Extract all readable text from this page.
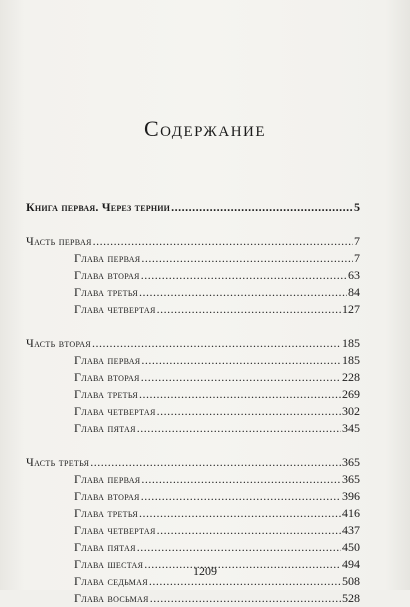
Содержание
Книга первая. Через тернии .....	5
Часть первая .....	7
Глава первая .....	7
Глава вторая .....	63
Глава третья .....	84
Глава четвертая .....	127
Часть вторая .....	185
Глава первая .....	185
Глава вторая .....	228
Глава третья .....	269
Глава четвертая .....	302
Глава пятая .....	345
Часть третья .....	365
Глава первая .....	365
Глава вторая .....	396
Глава третья .....	416
Глава четвертая .....	437
Глава пятая .....	450
Глава шестая .....	494
Глава седьмая .....	508
Глава восьмая .....	528
1209
